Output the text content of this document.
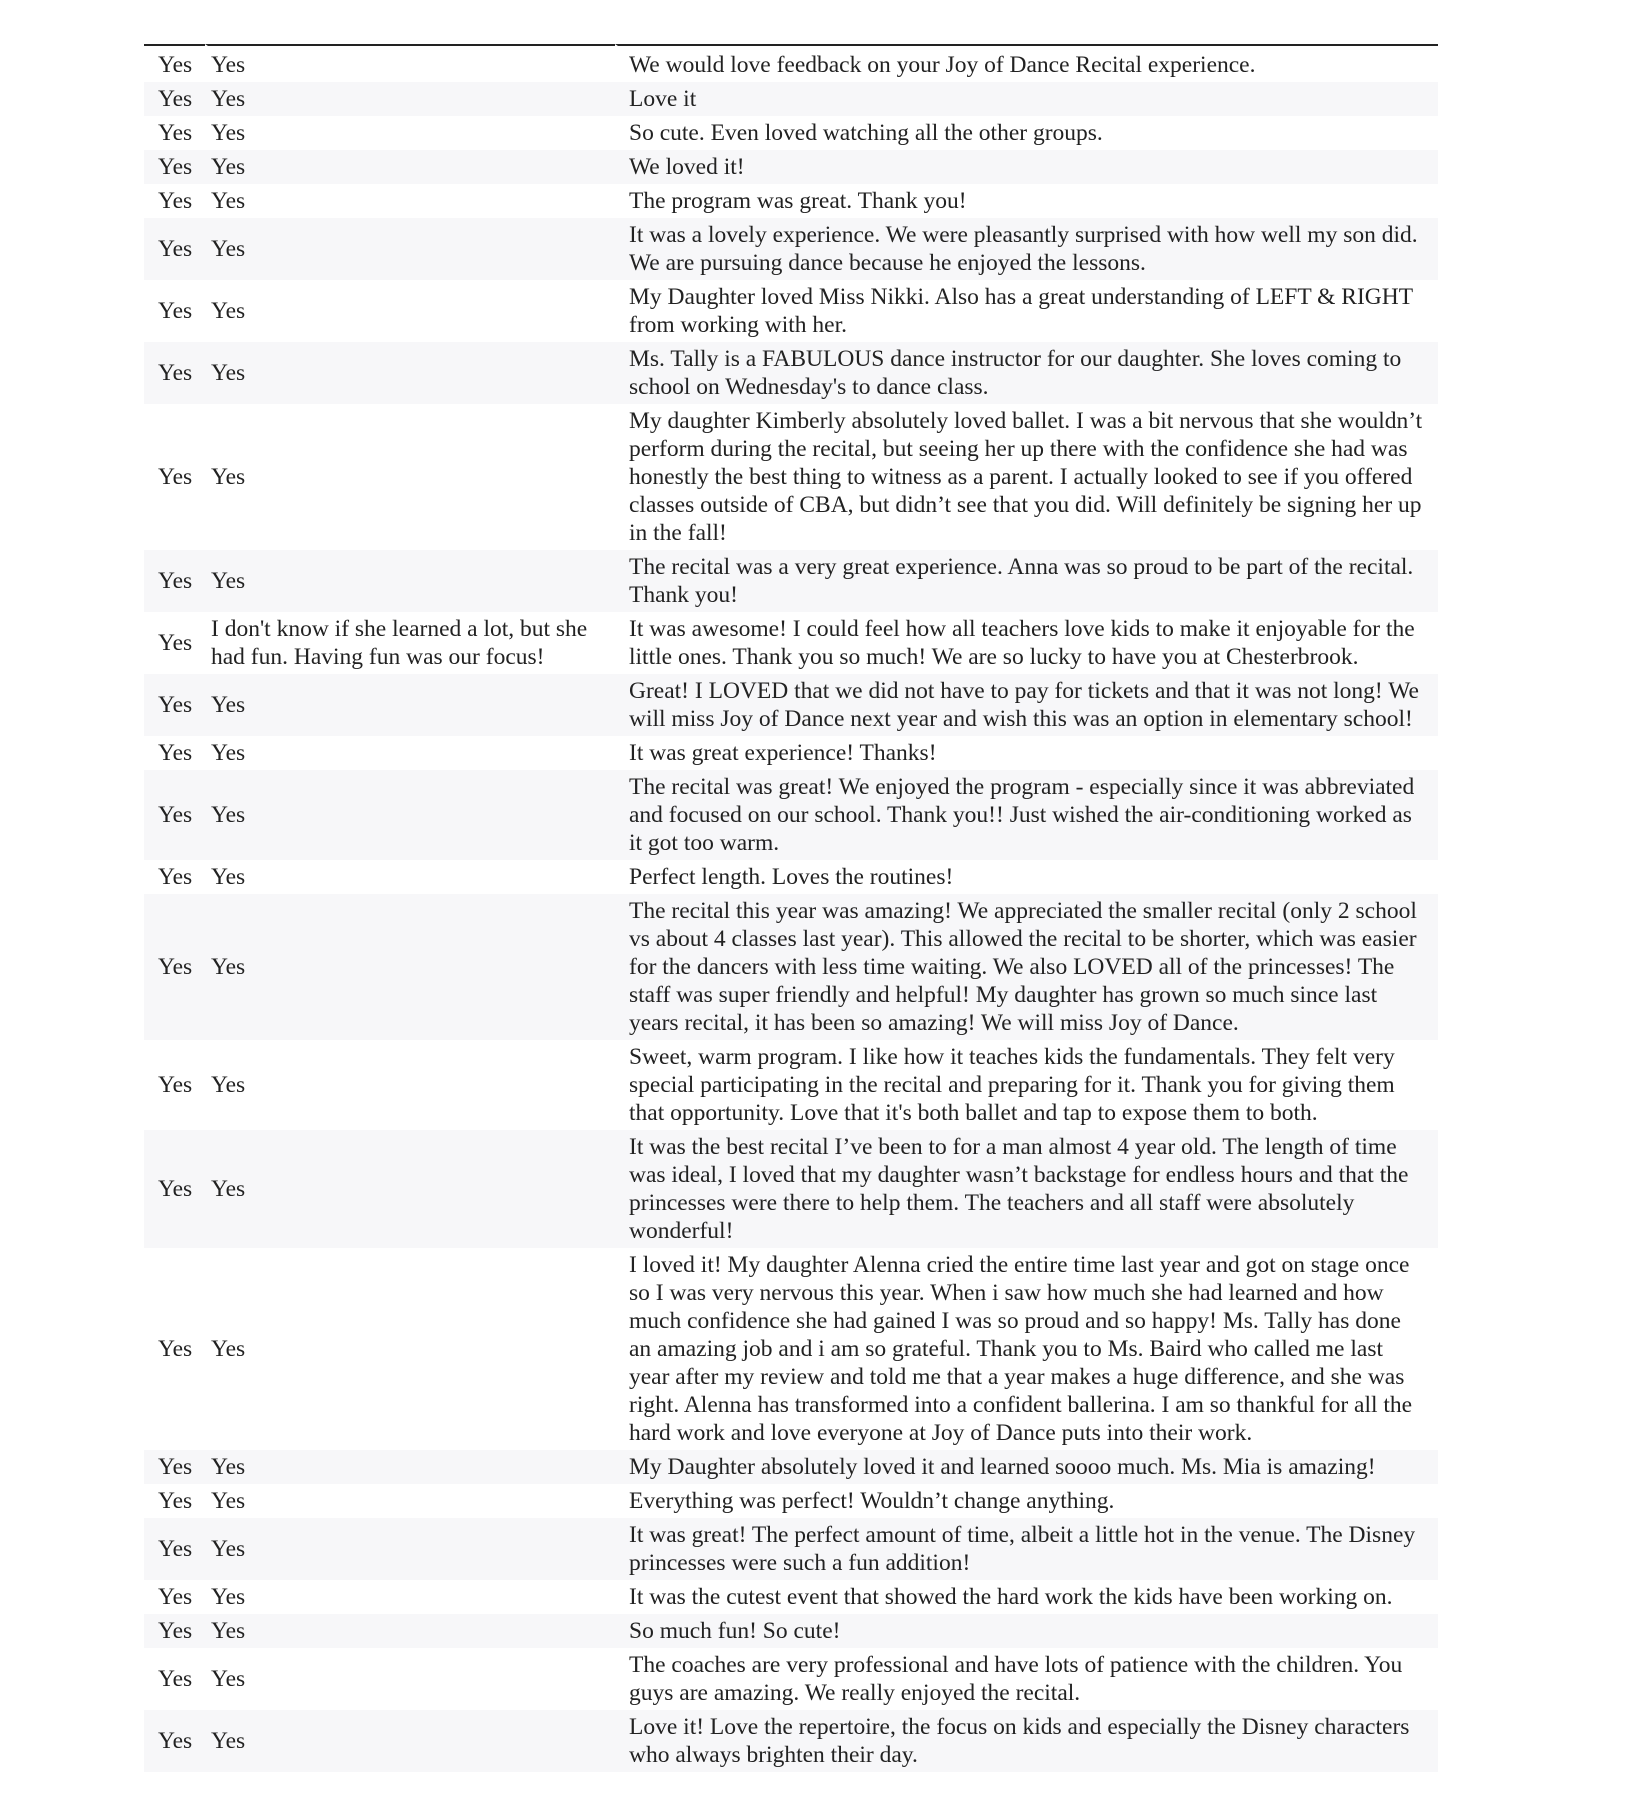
Yes	Yes	We would love feedback on your Joy of Dance Recital experience.
Yes	Yes	Love it
Yes	Yes	So cute. Even loved watching all the other groups.
Yes	Yes	We loved it!
Yes	Yes	The program was great. Thank you!
Yes	Yes	It was a lovely experience. We were pleasantly surprised with how well my son did. We are pursuing dance because he enjoyed the lessons.
Yes	Yes	My Daughter loved Miss Nikki. Also has a great understanding of LEFT & RIGHT from working with her.
Yes	Yes	Ms. Tally is a FABULOUS dance instructor for our daughter. She loves coming to school on Wednesday's to dance class.
Yes	Yes	My daughter Kimberly absolutely loved ballet. I was a bit nervous that she wouldn’t perform during the recital, but seeing her up there with the confidence she had was honestly the best thing to witness as a parent. I actually looked to see if you offered classes outside of CBA, but didn’t see that you did. Will definitely be signing her up in the fall!
Yes	Yes	The recital was a very great experience. Anna was so proud to be part of the recital. Thank you!
Yes	I don't know if she learned a lot, but she had fun. Having fun was our focus!	It was awesome! I could feel how all teachers love kids to make it enjoyable for the little ones. Thank you so much! We are so lucky to have you at Chesterbrook.
Yes	Yes	Great! I LOVED that we did not have to pay for tickets and that it was not long! We will miss Joy of Dance next year and wish this was an option in elementary school!
Yes	Yes	It was great experience! Thanks!
Yes	Yes	The recital was great! We enjoyed the program - especially since it was abbreviated and focused on our school. Thank you!! Just wished the air-conditioning worked as it got too warm.
Yes	Yes	Perfect length. Loves the routines!
Yes	Yes	The recital this year was amazing! We appreciated the smaller recital (only 2 school vs about 4 classes last year). This allowed the recital to be shorter, which was easier for the dancers with less time waiting. We also LOVED all of the princesses! The staff was super friendly and helpful! My daughter has grown so much since last years recital, it has been so amazing! We will miss Joy of Dance.
Yes	Yes	Sweet, warm program. I like how it teaches kids the fundamentals. They felt very special participating in the recital and preparing for it. Thank you for giving them that opportunity. Love that it's both ballet and tap to expose them to both.
Yes	Yes	It was the best recital I’ve been to for a man almost 4 year old. The length of time was ideal, I loved that my daughter wasn’t backstage for endless hours and that the princesses were there to help them. The teachers and all staff were absolutely wonderful!
Yes	Yes	I loved it! My daughter Alenna cried the entire time last year and got on stage once so I was very nervous this year. When i saw how much she had learned and how much confidence she had gained I was so proud and so happy! Ms. Tally has done an amazing job and i am so grateful. Thank you to Ms. Baird who called me last year after my review and told me that a year makes a huge difference, and she was right. Alenna has transformed into a confident ballerina. I am so thankful for all the hard work and love everyone at Joy of Dance puts into their work.
Yes	Yes	My Daughter absolutely loved it and learned soooo much. Ms. Mia is amazing!
Yes	Yes	Everything was perfect! Wouldn’t change anything.
Yes	Yes	It was great! The perfect amount of time, albeit a little hot in the venue. The Disney princesses were such a fun addition!
Yes	Yes	It was the cutest event that showed the hard work the kids have been working on.
Yes	Yes	So much fun! So cute!
Yes	Yes	The coaches are very professional and have lots of patience with the children. You guys are amazing. We really enjoyed the recital.
Yes	Yes	Love it! Love the repertoire, the focus on kids and especially the Disney characters who always brighten their day.
